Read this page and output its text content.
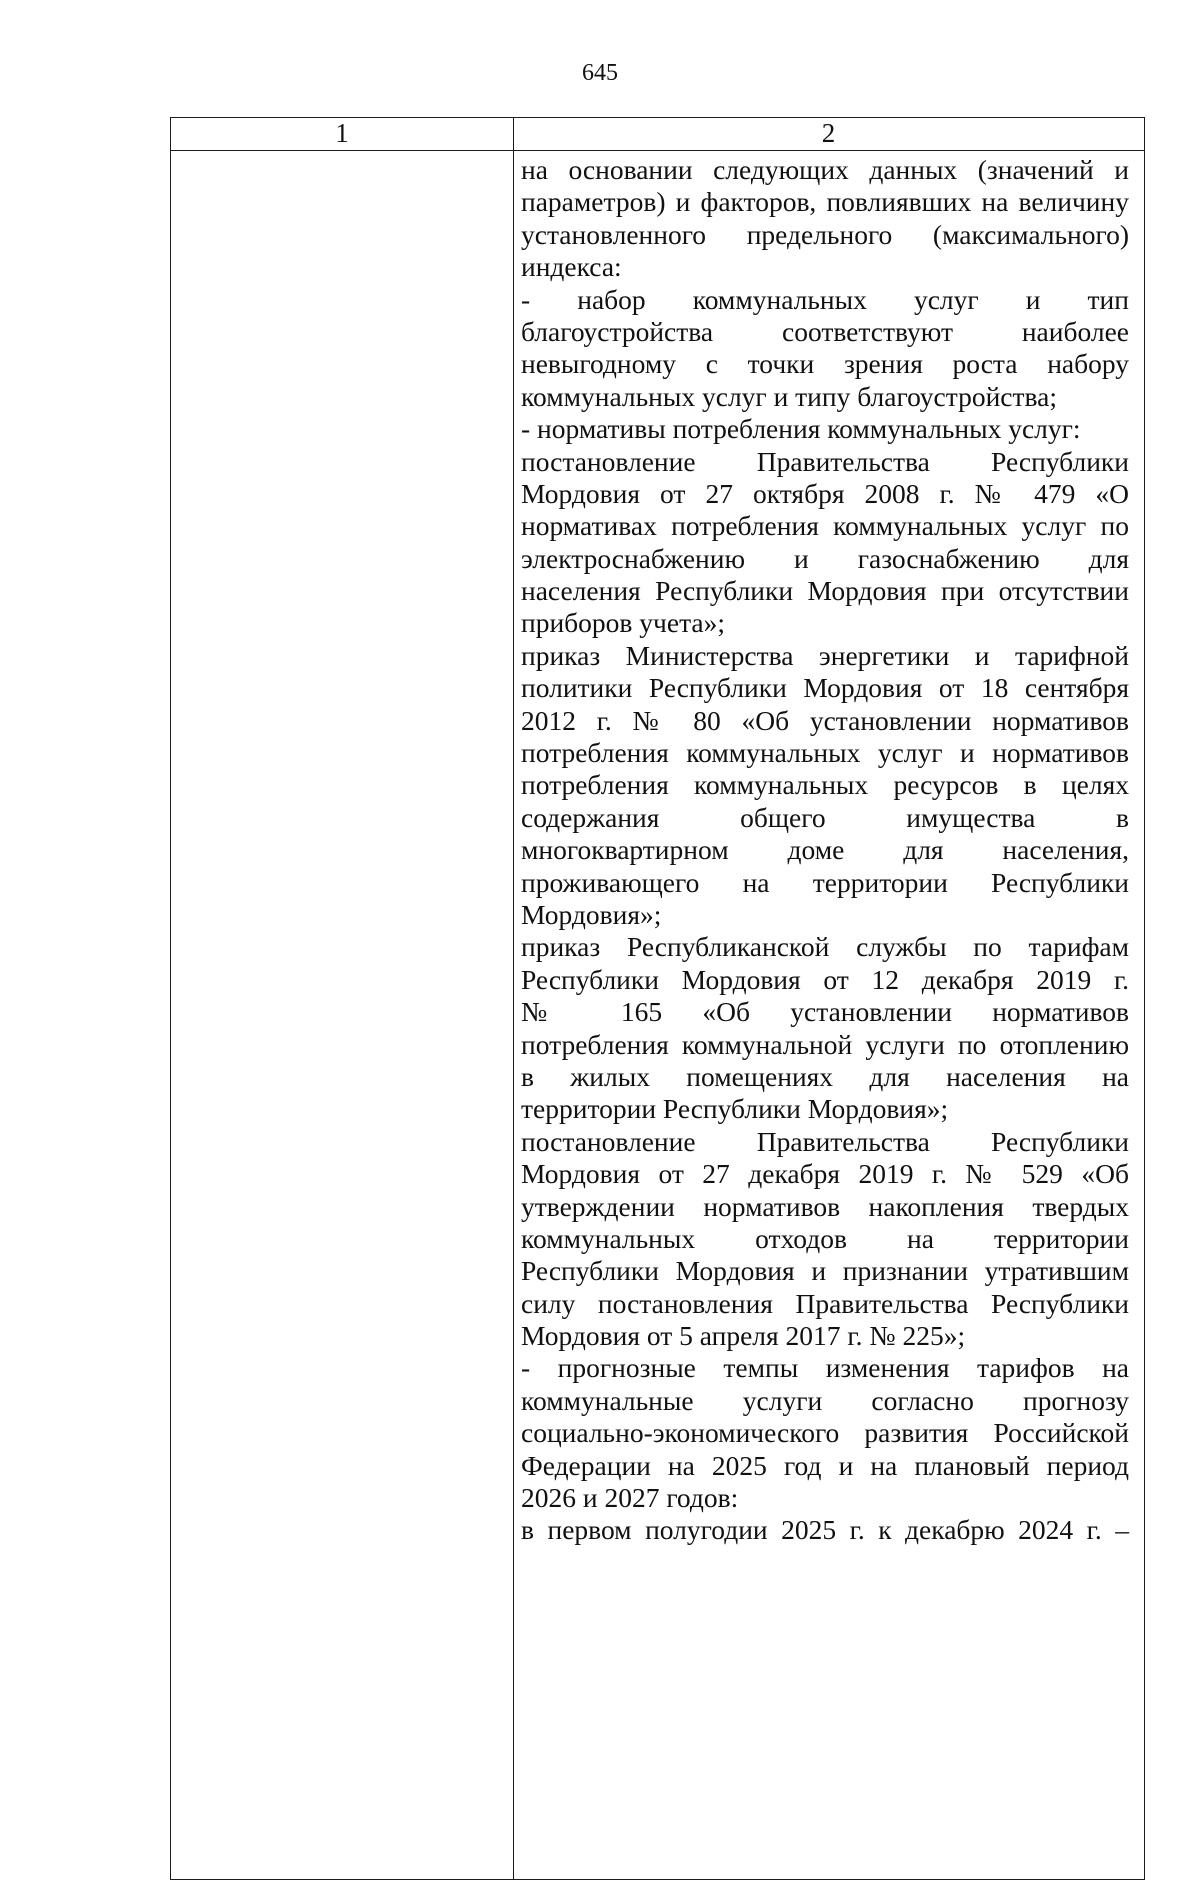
645
1	2
на основании следующих данных (значений и
параметров) и факторов, повлиявших на величину
установленного предельного (максимального)
индекса:
- набор коммунальных услуг и тип
благоустройства соответствуют наиболее
невыгодному с точки зрения роста набору
коммунальных услуг и типу благоустройства;
- нормативы потребления коммунальных услуг:
постановление Правительства Республики
Мордовия от 27 октября 2008 г. № 479 «О
нормативах потребления коммунальных услуг по
электроснабжению и газоснабжению для
населения Республики Мордовия при отсутствии
приборов учета»;
приказ Министерства энергетики и тарифной
политики Республики Мордовия от 18 сентября
2012 г. № 80 «Об установлении нормативов
потребления коммунальных услуг и нормативов
потребления коммунальных ресурсов в целях
содержания общего имущества в
многоквартирном доме для населения,
проживающего на территории Республики
Мордовия»;
приказ Республиканской службы по тарифам
Республики Мордовия от 12 декабря 2019 г.
№ 165 «Об установлении нормативов
потребления коммунальной услуги по отоплению
в жилых помещениях для населения на
территории Республики Мордовия»;
постановление Правительства Республики
Мордовия от 27 декабря 2019 г. № 529 «Об
утверждении нормативов накопления твердых
коммунальных отходов на территории
Республики Мордовия и признании утратившим
силу постановления Правительства Республики
Мордовия от 5 апреля 2017 г. № 225»;
- прогнозные темпы изменения тарифов на
коммунальные услуги согласно прогнозу
социально-экономического развития Российской
Федерации на 2025 год и на плановый период
2026 и 2027 годов:
в первом полугодии 2025 г. к декабрю 2024 г. –
